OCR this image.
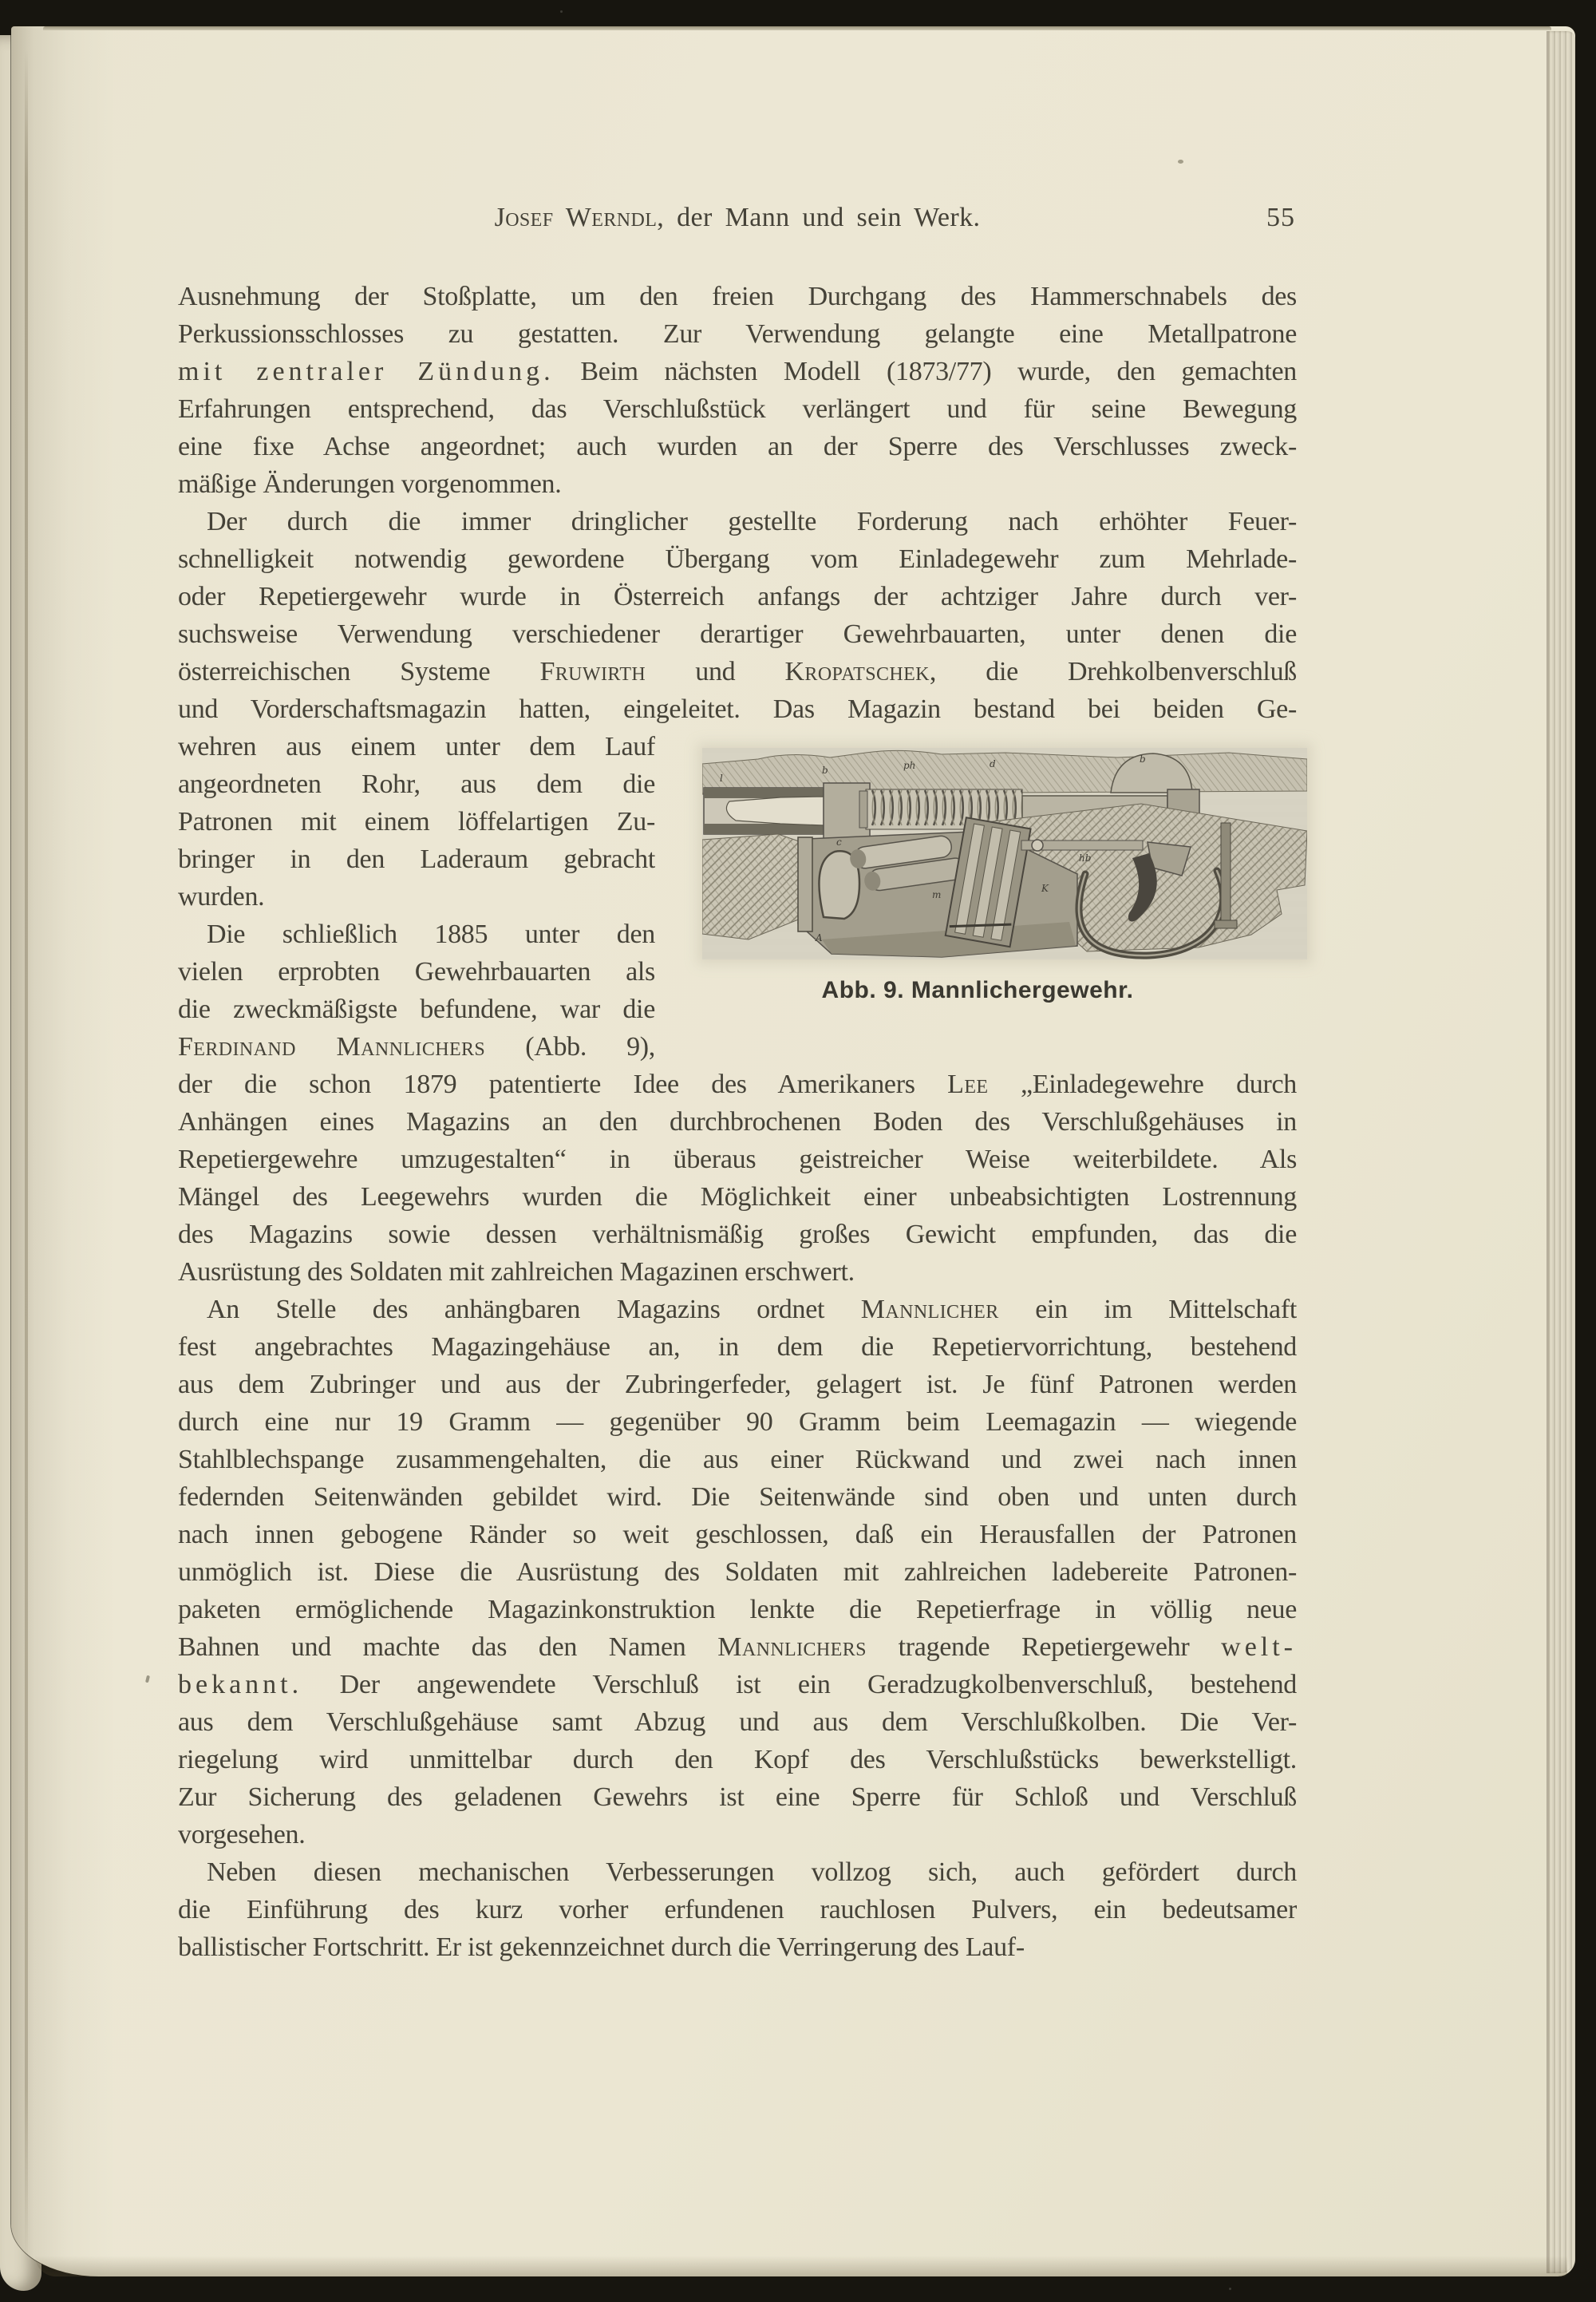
Josef Werndl, der Mann und sein Werk.	55
Ausnehmung der Stoßplatte, um den freien Durchgang des Hammerschnabels des
Perkussionsschlosses zu gestatten. Zur Verwendung gelangte eine Metallpatrone
mit zentraler Zündung. Beim nächsten Modell (1873/77) wurde, den gemachten
Erfahrungen entsprechend, das Verschlußstück verlängert und für seine Bewegung
eine fixe Achse angeordnet; auch wurden an der Sperre des Verschlusses zweck-
mäßige Änderungen vorgenommen.
Der durch die immer dringlicher gestellte Forderung nach erhöhter Feuer-
schnelligkeit notwendig gewordene Übergang vom Einladegewehr zum Mehrlade-
oder Repetiergewehr wurde in Österreich anfangs der achtziger Jahre durch ver-
suchsweise Verwendung verschiedener derartiger Gewehrbauarten, unter denen die
österreichischen Systeme Fruwirth und Kropatschek, die Drehkolbenverschluß
und Vorderschaftsmagazin hatten, eingeleitet. Das Magazin bestand bei beiden Ge-
wehren aus einem unter dem Lauf
angeordneten Rohr, aus dem die
Patronen mit einem löffelartigen Zu-
bringer in den Laderaum gebracht
wurden.
Die schließlich 1885 unter den
vielen erprobten Gewehrbauarten als
die zweckmäßigste befundene, war die
Ferdinand Mannlichers (Abb. 9),
der die schon 1879 patentierte Idee des Amerikaners Lee „Einladegewehre durch
Anhängen eines Magazins an den durchbrochenen Boden des Verschlußgehäuses in
Repetiergewehre umzugestalten“ in überaus geistreicher Weise weiterbildete. Als
Mängel des Leegewehrs wurden die Möglichkeit einer unbeabsichtigten Lostrennung
des Magazins sowie dessen verhältnismäßig großes Gewicht empfunden, das die
Ausrüstung des Soldaten mit zahlreichen Magazinen erschwert.
An Stelle des anhängbaren Magazins ordnet Mannlicher ein im Mittelschaft
fest angebrachtes Magazingehäuse an, in dem die Repetiervorrichtung, bestehend
aus dem Zubringer und aus der Zubringerfeder, gelagert ist. Je fünf Patronen werden
durch eine nur 19 Gramm — gegenüber 90 Gramm beim Leemagazin — wiegende
Stahlblechspange zusammengehalten, die aus einer Rückwand und zwei nach innen
federnden Seitenwänden gebildet wird. Die Seitenwände sind oben und unten durch
nach innen gebogene Ränder so weit geschlossen, daß ein Herausfallen der Patronen
unmöglich ist. Diese die Ausrüstung des Soldaten mit zahlreichen ladebereite Patronen-
paketen ermöglichende Magazinkonstruktion lenkte die Repetierfrage in völlig neue
Bahnen und machte das den Namen Mannlichers tragende Repetiergewehr welt-
bekannt. Der angewendete Verschluß ist ein Geradzugkolbenverschluß, bestehend
aus dem Verschlußgehäuse samt Abzug und aus dem Verschlußkolben. Die Ver-
riegelung wird unmittelbar durch den Kopf des Verschlußstücks bewerkstelligt.
Zur Sicherung des geladenen Gewehrs ist eine Sperre für Schloß und Verschluß
vorgesehen.
Neben diesen mechanischen Verbesserungen vollzog sich, auch gefördert durch
die Einführung des kurz vorher erfundenen rauchlosen Pulvers, ein bedeutsamer
ballistischer Fortschritt. Er ist gekennzeichnet durch die Verringerung des Lauf-
l
b	ph	d	b
c
m
K
hb
A
Abb. 9. Mannlichergewehr.
